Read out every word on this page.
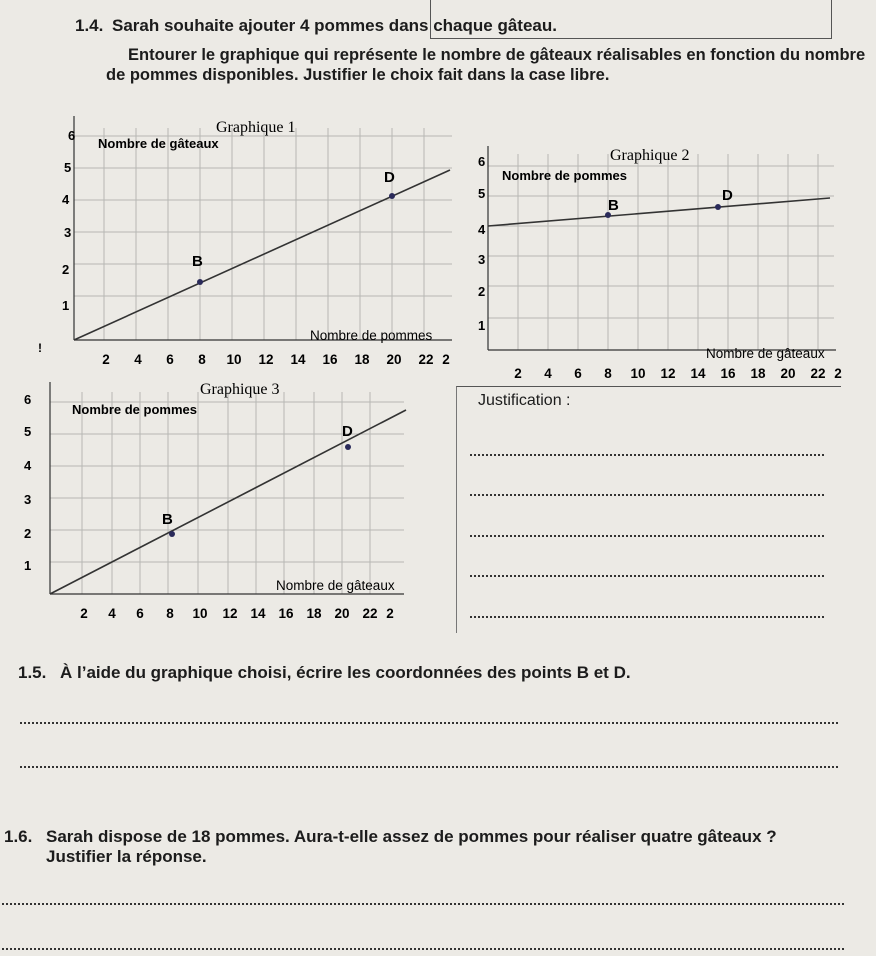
1.4. Sarah souhaite ajouter 4 pommes dans chaque gâteau.
Entourer le graphique qui représente le nombre de gâteaux réalisables en fonction du nombre
de pommes disponibles. Justifier le choix fait dans la case libre.
Graphique 1
Nombre de gâteaux
Nombre de pommes
6
5
4
3
2
1
!
2 4 6 8 10 12 14 16 18 20 22 2
B
D
Graphique 2
Nombre de pommes
Nombre de gâteaux
6
5
4
3
2
1
2 4 6 8 10 12 14 16 18 20 22 2
B
D
Graphique 3
Nombre de pommes
Nombre de gâteaux
6
5
4
3
2
1
2 4 6 8 10 12 14 16 18 20 22 2
B
D
Justification :
1.5. À l’aide du graphique choisi, écrire les coordonnées des points B et D.
1.6. Sarah dispose de 18 pommes. Aura-t-elle assez de pommes pour réaliser quatre gâteaux ?
Justifier la réponse.
